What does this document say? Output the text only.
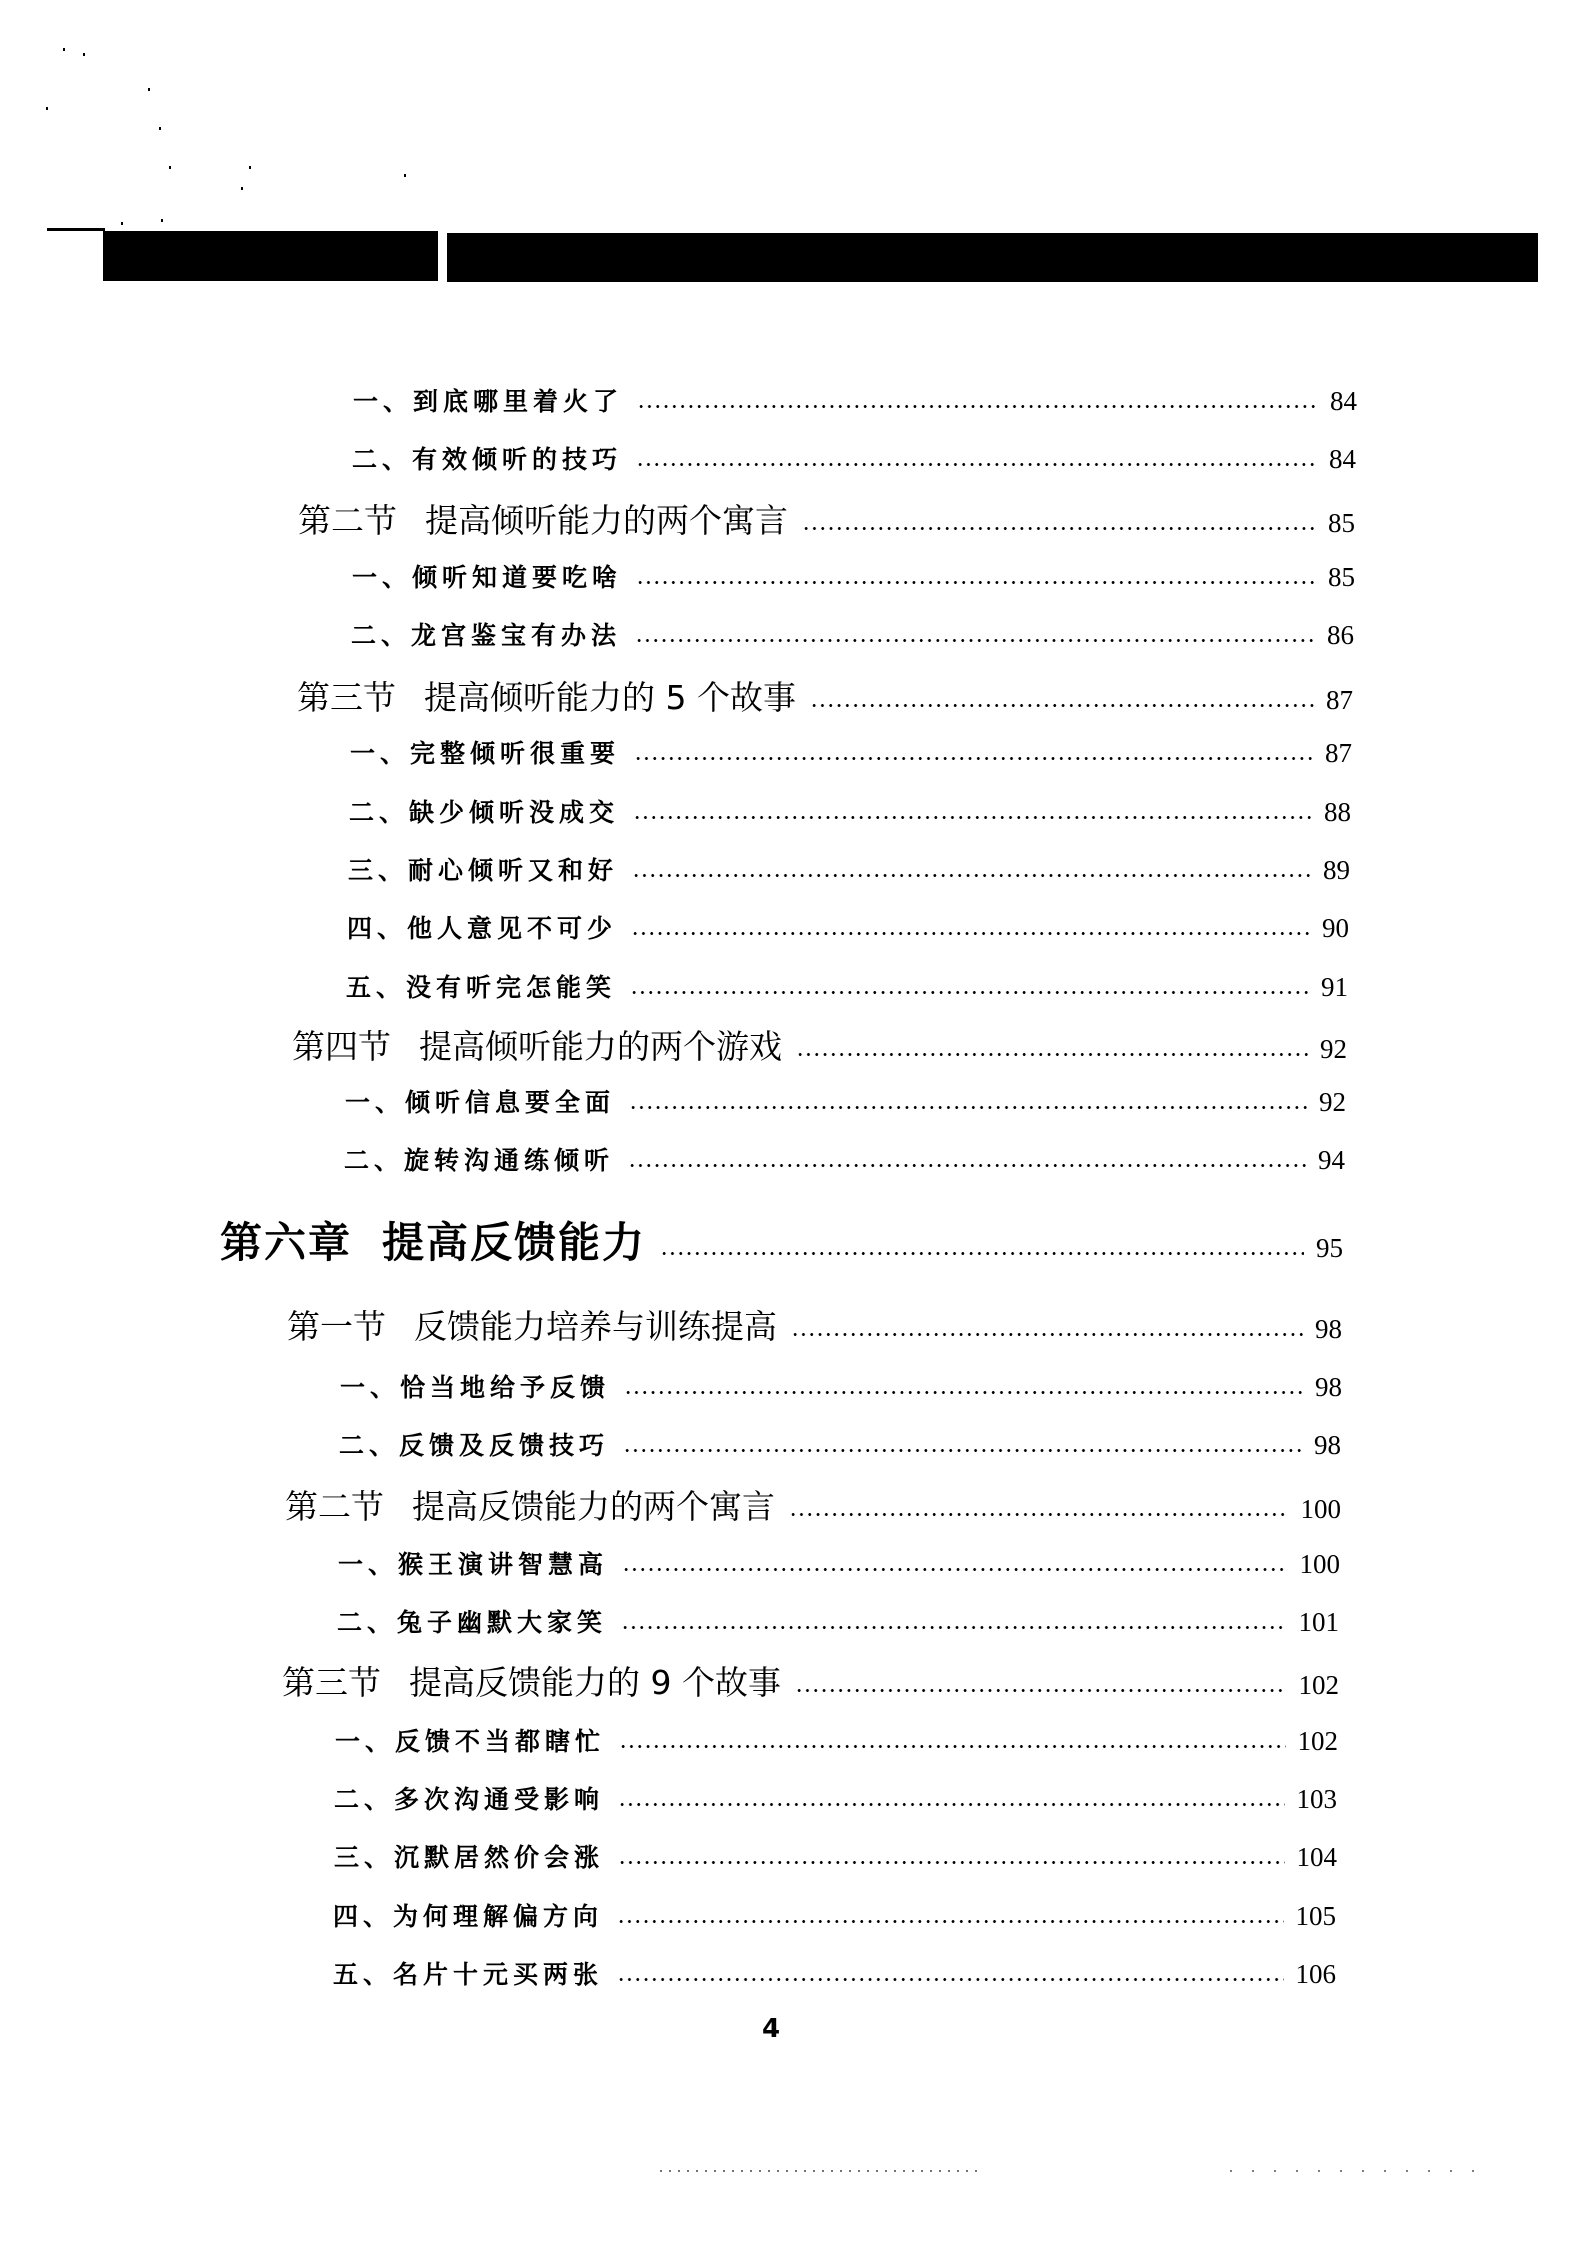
一、到底哪里着火了	84
二、有效倾听的技巧	84
第二节 提高倾听能力的两个寓言	85
一、倾听知道要吃啥	85
二、龙宫鉴宝有办法	86
第三节 提高倾听能力的 5 个故事	87
一、完整倾听很重要	87
二、缺少倾听没成交	88
三、耐心倾听又和好	89
四、他人意见不可少	90
五、没有听完怎能笑	91
第四节 提高倾听能力的两个游戏	92
一、倾听信息要全面	92
二、旋转沟通练倾听	94
第六章 提高反馈能力	95
第一节 反馈能力培养与训练提高	98
一、恰当地给予反馈	98
二、反馈及反馈技巧	98
第二节 提高反馈能力的两个寓言	100
一、猴王演讲智慧高	100
二、兔子幽默大家笑	101
第三节 提高反馈能力的 9 个故事	102
一、反馈不当都瞎忙	102
二、多次沟通受影响	103
三、沉默居然价会涨	104
四、为何理解偏方向	105
五、名片十元买两张	106
4
